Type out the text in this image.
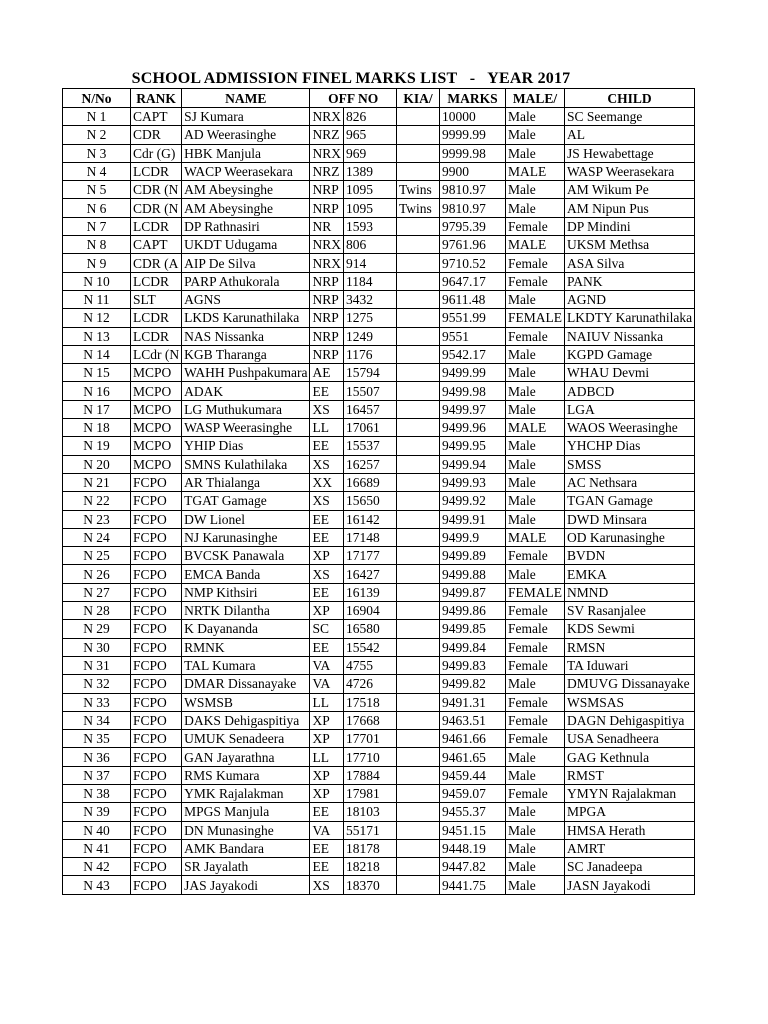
SCHOOL ADMISSION FINEL MARKS LIST   -   YEAR 2017
N/No	RANK	NAME	OFF NO		KIA/	MARKS	MALE/	CHILD
N 1	CAPT	SJ Kumara	NRX	826		10000	Male	SC Seemange
N 2	CDR	AD Weerasinghe	NRZ	965		9999.99	Male	AL
N 3	Cdr (G)	HBK Manjula	NRX	969		9999.98	Male	JS Hewabettage
N 4	LCDR	WACP Weerasekara	NRZ	1389		9900	MALE	WASP Weerasekara
N 5	CDR (N	AM Abeysinghe	NRP	1095	Twins	9810.97	Male	AM Wikum Pe
N 6	CDR (N	AM Abeysinghe	NRP	1095	Twins	9810.97	Male	AM Nipun Pus
N 7	LCDR	DP Rathnasiri	NR	1593		9795.39	Female	DP Mindini
N 8	CAPT	UKDT Udugama	NRX	806		9761.96	MALE	UKSM Methsa
N 9	CDR (A	AIP De Silva	NRX	914		9710.52	Female	ASA Silva
N 10	LCDR	PARP Athukorala	NRP	1184		9647.17	Female	PANK
N 11	SLT	AGNS	NRP	3432		9611.48	Male	AGND
N 12	LCDR	LKDS Karunathilaka	NRP	1275		9551.99	FEMALE	LKDTY Karunathilaka
N 13	LCDR	NAS Nissanka	NRP	1249		9551	Female	NAIUV Nissanka
N 14	LCdr (N	KGB Tharanga	NRP	1176		9542.17	Male	KGPD Gamage
N 15	MCPO	WAHH Pushpakumara	AE	15794		9499.99	Male	WHAU Devmi
N 16	MCPO	ADAK	EE	15507		9499.98	Male	ADBCD
N 17	MCPO	LG Muthukumara	XS	16457		9499.97	Male	LGA
N 18	MCPO	WASP Weerasinghe	LL	17061		9499.96	MALE	WAOS Weerasinghe
N 19	MCPO	YHIP Dias	EE	15537		9499.95	Male	YHCHP Dias
N 20	MCPO	SMNS Kulathilaka	XS	16257		9499.94	Male	SMSS
N 21	FCPO	AR Thialanga	XX	16689		9499.93	Male	AC Nethsara
N 22	FCPO	TGAT Gamage	XS	15650		9499.92	Male	TGAN Gamage
N 23	FCPO	DW Lionel	EE	16142		9499.91	Male	DWD Minsara
N 24	FCPO	NJ Karunasinghe	EE	17148		9499.9	MALE	OD Karunasinghe
N 25	FCPO	BVCSK Panawala	XP	17177		9499.89	Female	BVDN
N 26	FCPO	EMCA Banda	XS	16427		9499.88	Male	EMKA
N 27	FCPO	NMP Kithsiri	EE	16139		9499.87	FEMALE	NMND
N 28	FCPO	NRTK Dilantha	XP	16904		9499.86	Female	SV Rasanjalee
N 29	FCPO	K Dayananda	SC	16580		9499.85	Female	KDS Sewmi
N 30	FCPO	RMNK	EE	15542		9499.84	Female	RMSN
N 31	FCPO	TAL Kumara	VA	4755		9499.83	Female	TA Iduwari
N 32	FCPO	DMAR Dissanayake	VA	4726		9499.82	Male	DMUVG Dissanayake
N 33	FCPO	WSMSB	LL	17518		9491.31	Female	WSMSAS
N 34	FCPO	DAKS Dehigaspitiya	XP	17668		9463.51	Female	DAGN Dehigaspitiya
N 35	FCPO	UMUK Senadeera	XP	17701		9461.66	Female	USA Senadheera
N 36	FCPO	GAN Jayarathna	LL	17710		9461.65	Male	GAG Kethnula
N 37	FCPO	RMS Kumara	XP	17884		9459.44	Male	RMST
N 38	FCPO	YMK Rajalakman	XP	17981		9459.07	Female	YMYN Rajalakman
N 39	FCPO	MPGS Manjula	EE	18103		9455.37	Male	MPGA
N 40	FCPO	DN Munasinghe	VA	55171		9451.15	Male	HMSA Herath
N 41	FCPO	AMK Bandara	EE	18178		9448.19	Male	AMRT
N 42	FCPO	SR Jayalath	EE	18218		9447.82	Male	SC Janadeepa
N 43	FCPO	JAS Jayakodi	XS	18370		9441.75	Male	JASN Jayakodi
